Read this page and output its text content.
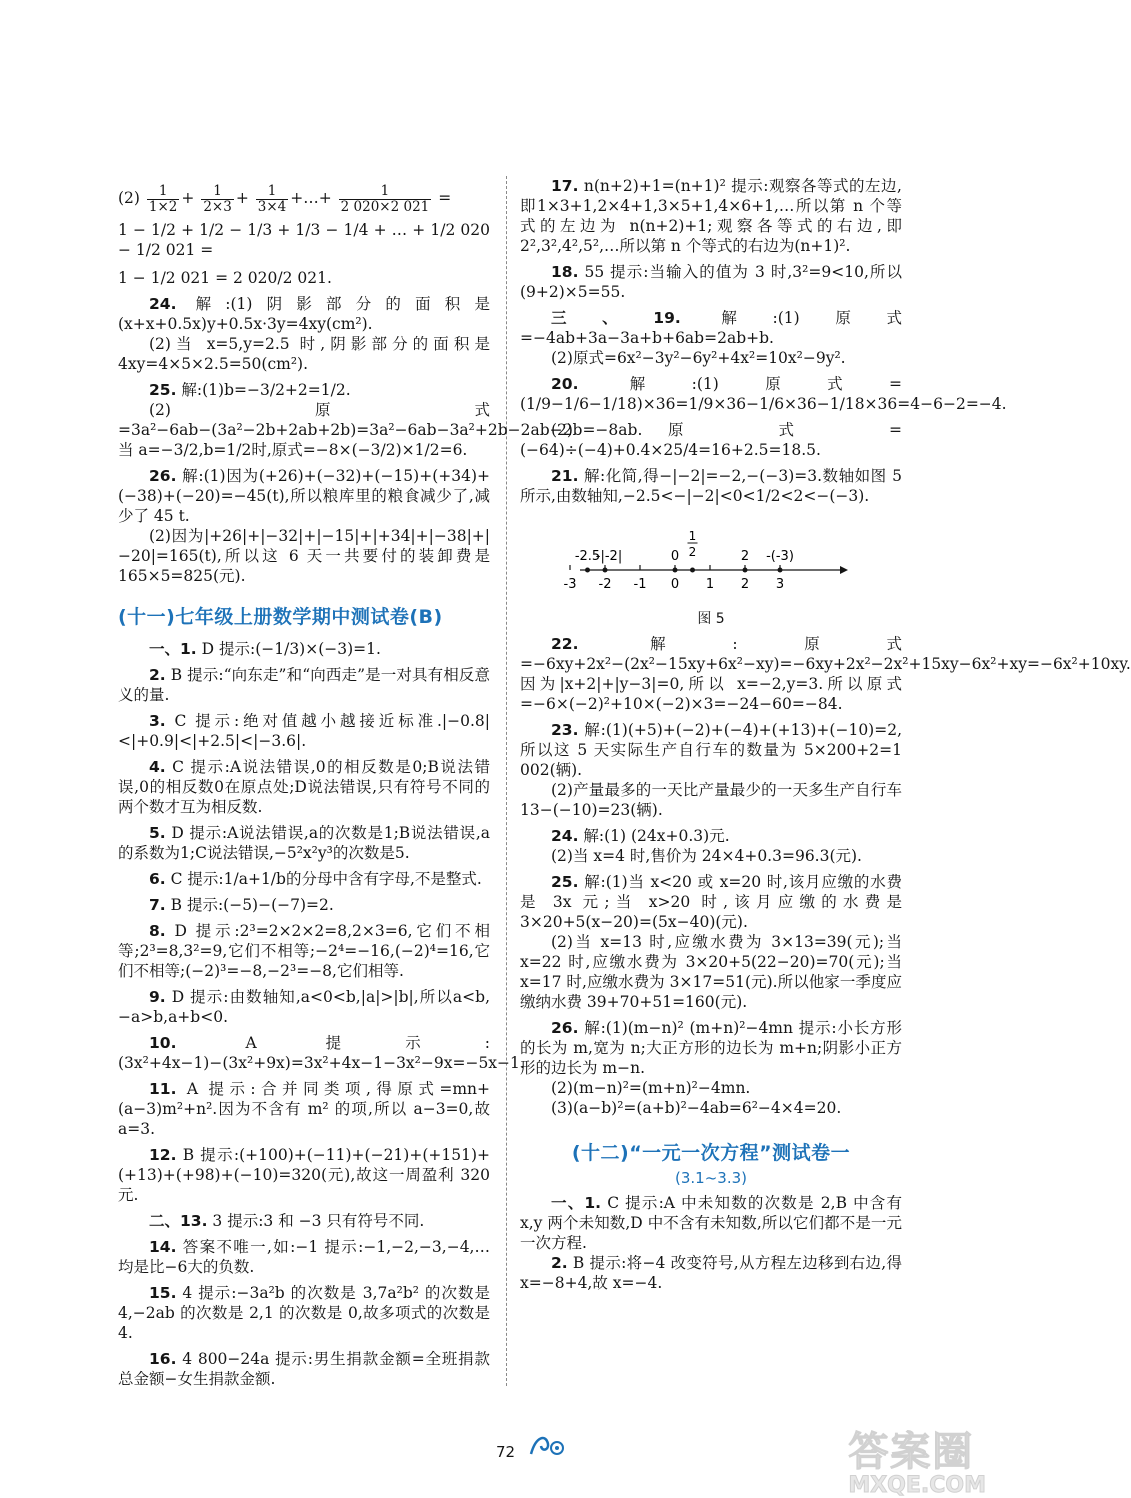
$(2) \frac{1}{1\times 2} + \frac{1}{2\times 3} + \frac{1}{3\times 4}$ +…+ $\frac{1}{2 020\times 2 021}$ =

1 − 1/2 + 1/2 − 1/3 + 1/3 − 1/4 + … + 1/2 020 − 1/2 021 =

1 − 1/2 021 = 2 020/2 021.

24. 解:(1)阴影部分的面积是(x+x+0.5x)y+0.5x·3y=4xy(cm²).

(2)当 x=5,y=2.5 时,阴影部分的面积是 4xy=4×5×2.5=50(cm²).

25. 解:(1)b=−3/2+2=1/2.

(2)原式=3a²−6ab−(3a²−2b+2ab+2b)=3a²−6ab−3a²+2b−2ab−2b=−8ab.当 a=−3/2,b=1/2时,原式=−8×(−3/2)×1/2=6.

26. 解:(1)因为(+26)+(−32)+(−15)+(+34)+(−38)+(−20)=−45(t),所以粮库里的粮食减少了,减少了 45 t.

(2)因为|+26|+|−32|+|−15|+|+34|+|−38|+|−20|=165(t),所以这 6 天一共要付的装卸费是 165×5=825(元).

(十一)七年级上册数学期中测试卷(B)

一、1. D 提示:(−1/3)×(−3)=1.

2. B 提示:“向东走”和“向西走”是一对具有相反意义的量.

3. C 提示:绝对值越小越接近标准.|−0.8|<|+0.9|<|+2.5|<|−3.6|.

4. C 提示:A说法错误,0的相反数是0;B说法错误,0的相反数0在原点处;D说法错误,只有符号不同的两个数才互为相反数.

5. D 提示:A说法错误,a的次数是1;B说法错误,a的系数为1;C说法错误,−5²x²y³的次数是5.

6. C 提示:1/a+1/b的分母中含有字母,不是整式.

7. B 提示:(−5)−(−7)=2.

8. D 提示:2³=2×2×2=8,2×3=6,它们不相等;2³=8,3²=9,它们不相等;−2⁴=−16,(−2)⁴=16,它们不相等;(−2)³=−8,−2³=−8,它们相等.

9. D 提示:由数轴知,a<0<b,|a|>|b|,所以a<b,−a>b,a+b<0.

10.	A 提示:(3x²+4x−1)−(3x²+9x)=3x²+4x−1−3x²−9x=−5x−1.

11. A 提示:合并同类项,得原式=mn+(a−3)m²+n².因为不含有 m² 的项,所以 a−3=0,故 a=3.

12. B 提示:(+100)+(−11)+(−21)+(+151)+(+13)+(+98)+(−10)=320(元),故这一周盈利 320 元.

二、13. 3 提示:3 和 −3 只有符号不同.

14. 答案不唯一,如:−1 提示:−1,−2,−3,−4,…均是比−6大的负数.

15. 4 提示:−3a²b 的次数是 3,7a²b² 的次数是 4,−2ab 的次数是 2,1 的次数是 0,故多项式的次数是 4.

16. 4 800−24a 提示:男生捐款金额=全班捐款总金额−女生捐款金额.

17. n(n+2)+1=(n+1)² 提示:观察各等式的左边,即1×3+1,2×4+1,3×5+1,4×6+1,…所以第 n 个等式的左边为 n(n+2)+1;观察各等式的右边,即2²,3²,4²,5²,…所以第 n 个等式的右边为(n+1)².

18. 55 提示:当输入的值为 3 时,3²=9<10,所以(9+2)×5=55.

三、19.	解:(1)原式=−4ab+3a−3a+b+6ab=2ab+b.

(2)原式=6x²−3y²−6y²+4x²=10x²−9y².

20.	解:(1)原式=(1/9−1/6−1/18)×36=1/9×36−1/6×36−1/18×36=4−6−2=−4.

(2)原式=(−64)÷(−4)+0.4×25/4=16+2.5=18.5.

21. 解:化简,得−|−2|=−2,−(−3)=3.数轴如图 5 所示,由数轴知,−2.5<−|−2|<0<1/2<2<−(−3).

-3 -2 -1 0 1 2 3
-2.5
-|-2|	0
1
2	2 -(-3)
图 5

22.	解:原式=−6xy+2x²−(2x²−15xy+6x²−xy)=−6xy+2x²−2x²+15xy−6x²+xy=−6x²+10xy.因为|x+2|+|y−3|=0,所以 x=−2,y=3.所以原式=−6×(−2)²+10×(−2)×3=−24−60=−84.

23. 解:(1)(+5)+(−2)+(−4)+(+13)+(−10)=2,所以这 5 天实际生产自行车的数量为 5×200+2=1 002(辆).

(2)产量最多的一天比产量最少的一天多生产自行车 13−(−10)=23(辆).

24. 解:(1) (24x+0.3)元.

(2)当 x=4 时,售价为 24×4+0.3=96.3(元).

25. 解:(1)当 x<20 或 x=20 时,该月应缴的水费是 3x 元;当 x>20 时,该月应缴的水费是 3×20+5(x−20)=(5x−40)(元).

(2)当 x=13 时,应缴水费为 3×13=39(元);当 x=22 时,应缴水费为 3×20+5(22−20)=70(元);当 x=17 时,应缴水费为 3×17=51(元).所以他家一季度应缴纳水费 39+70+51=160(元).

26. 解:(1)(m−n)² (m+n)²−4mn 提示:小长方形的长为 m,宽为 n;大正方形的边长为 m+n;阴影小正方形的边长为 m−n.

(2)(m−n)²=(m+n)²−4mn.

(3)(a−b)²=(a+b)²−4ab=6²−4×4=20.

(十二)“一元一次方程”测试卷一
(3.1~3.3)

一、1. C 提示:A 中未知数的次数是 2,B 中含有 x,y 两个未知数,D 中不含有未知数,所以它们都不是一元一次方程.

2. B 提示:将−4 改变符号,从方程左边移到右边,得 x=−8+4,故 x=−4.

72	答案圈
MXQE.COM
